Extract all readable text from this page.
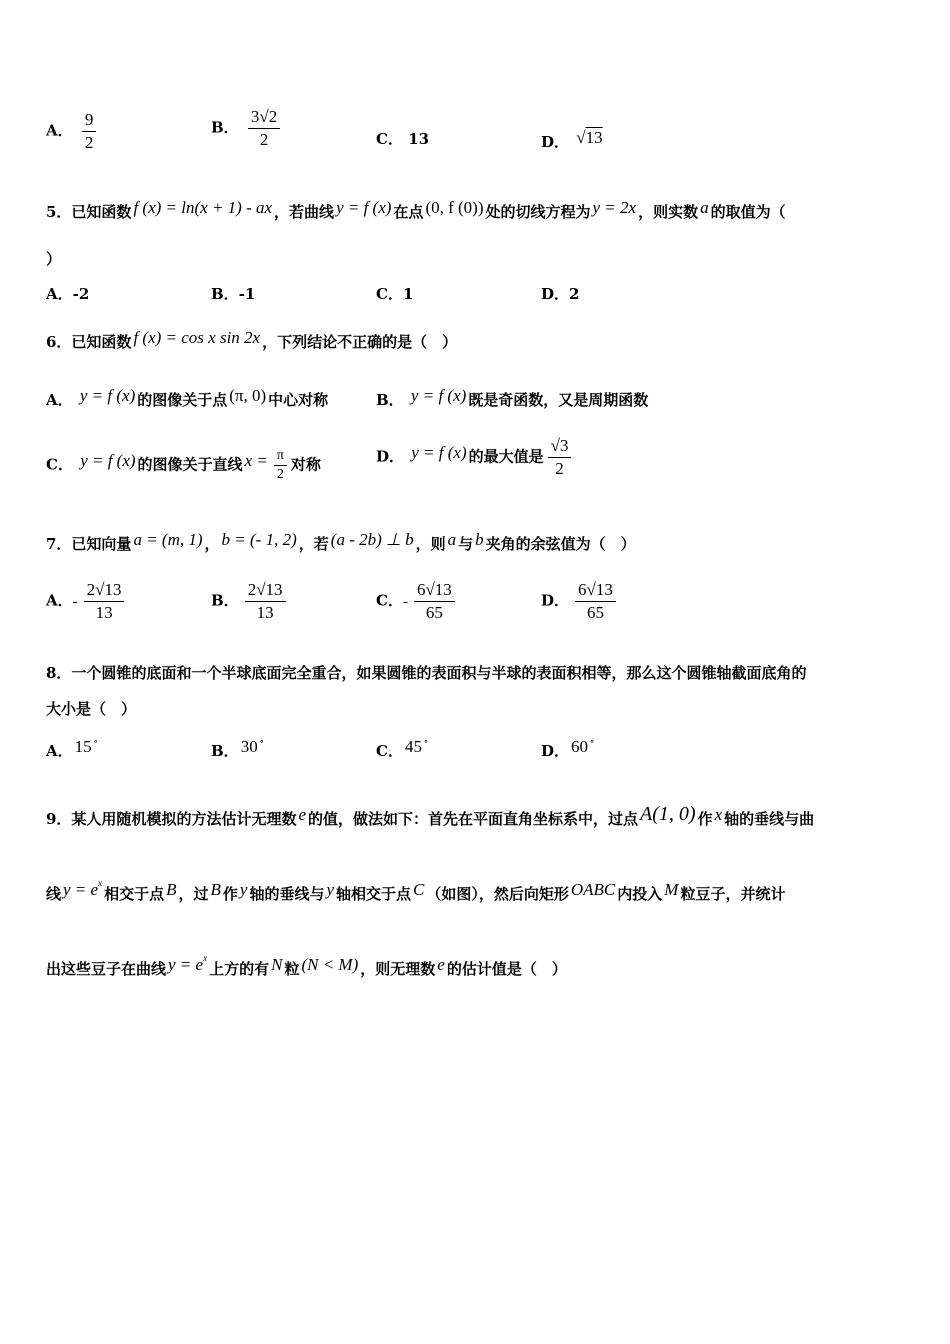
A． $\frac{9}{2}$	B． $\frac{3√2}{2}$	C． 13	D． √13
5．已知函数 f (x) = ln(x + 1) - ax ，若曲线 y = f (x) 在点 (0, f (0)) 处的切线方程为 y = 2x ，则实数 a 的取值为（
）
A．-2	B．-1	C．1	D．2
6．已知函数 f (x) = cos x sin 2x ，下列结论不正确的是（　）
A． y = f (x) 的图像关于点 (π, 0) 中心对称	B． y = f (x) 既是奇函数，又是周期函数
C． y = f (x) 的图像关于直线 $x = \frac{\pi}{2}$ 对称	D． y = f (x) 的最大值是 $\frac{√3}{2}$
7．已知向量 a = (m, 1) ， b = (- 1, 2) ，若 (a - 2b) ⊥ b ，则 a 与 b 夹角的余弦值为（　）
A．- $\frac{2√13}{13}$	B． $\frac{2√13}{13}$	C．- $\frac{6√13}{65}$	D． $\frac{6√13}{65}$
8．一个圆锥的底面和一个半球底面完全重合，如果圆锥的表面积与半球的表面积相等，那么这个圆锥轴截面底角的
大小是（　）
A． 15 °	B． 30 °	C． 45 °	D． 60 °
9．某人用随机模拟的方法估计无理数 e 的值，做法如下：首先在平面直角坐标系中，过点 A(1, 0) 作 x 轴的垂线与曲
线 $y = e^x$相交于点 B ，过 B 作 y 轴的垂线与 y 轴相交于点 C （如图），然后向矩形 OABC 内投入 M 粒豆子，并统计
出这些豆子在曲线 $y = e^x$上方的有 N 粒 (N < M) ，则无理数 e 的估计值是（　）
